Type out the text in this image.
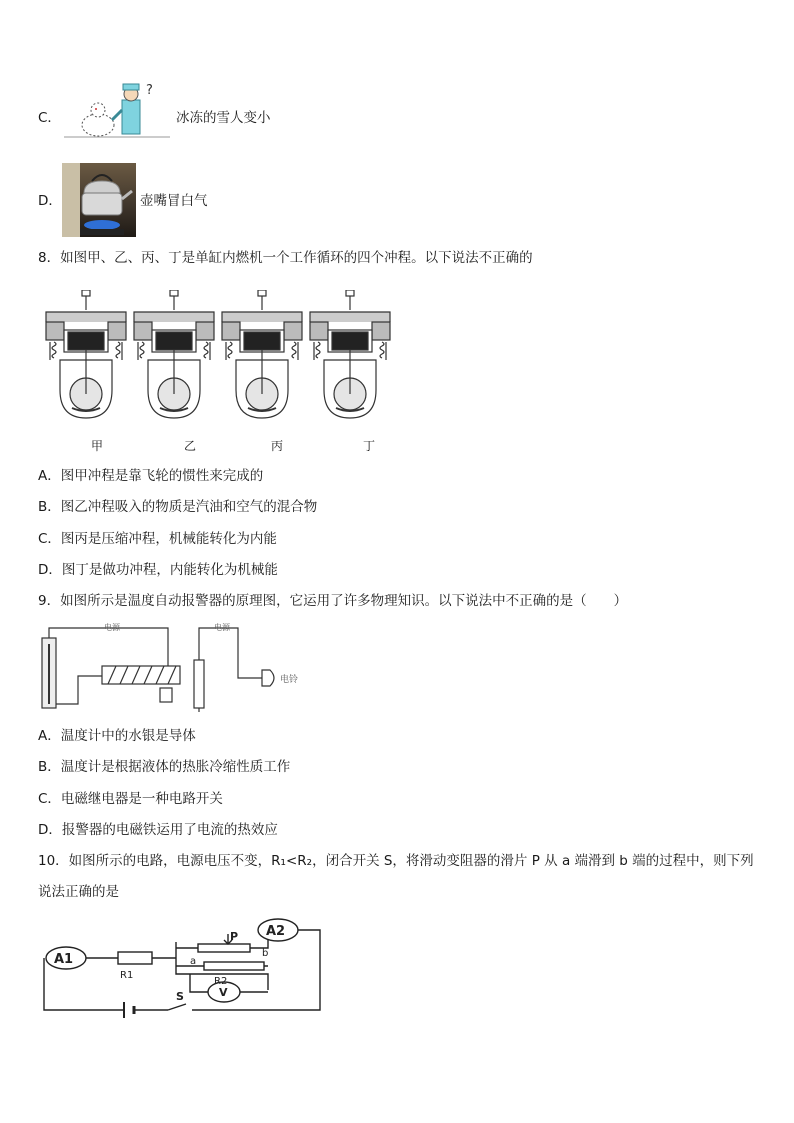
C．
?
冰冻的雪人变小
D．	壶嘴冒白气
8．如图甲、乙、丙、丁是单缸内燃机一个工作循环的四个冲程。以下说法不正确的
甲	乙	丙	丁
A．图甲冲程是靠飞轮的惯性来完成的
B．图乙冲程吸入的物质是汽油和空气的混合物
C．图丙是压缩冲程，机械能转化为内能
D．图丁是做功冲程，内能转化为机械能
9．如图所示是温度自动报警器的原理图，它运用了许多物理知识。以下说法中不正确的是（　　）
电源	电源
电铃
A．温度计中的水银是导体
B．温度计是根据液体的热胀冷缩性质工作
C．电磁继电器是一种电路开关
D．报警器的电磁铁运用了电流的热效应
10．如图所示的电路，电源电压不变，R₁<R₂，闭合开关 S，将滑动变阻器的滑片 P 从 a 端滑到 b 端的过程中，则下列
说法正确的是
A1
R1
P A2
b
a
R2
V
S
